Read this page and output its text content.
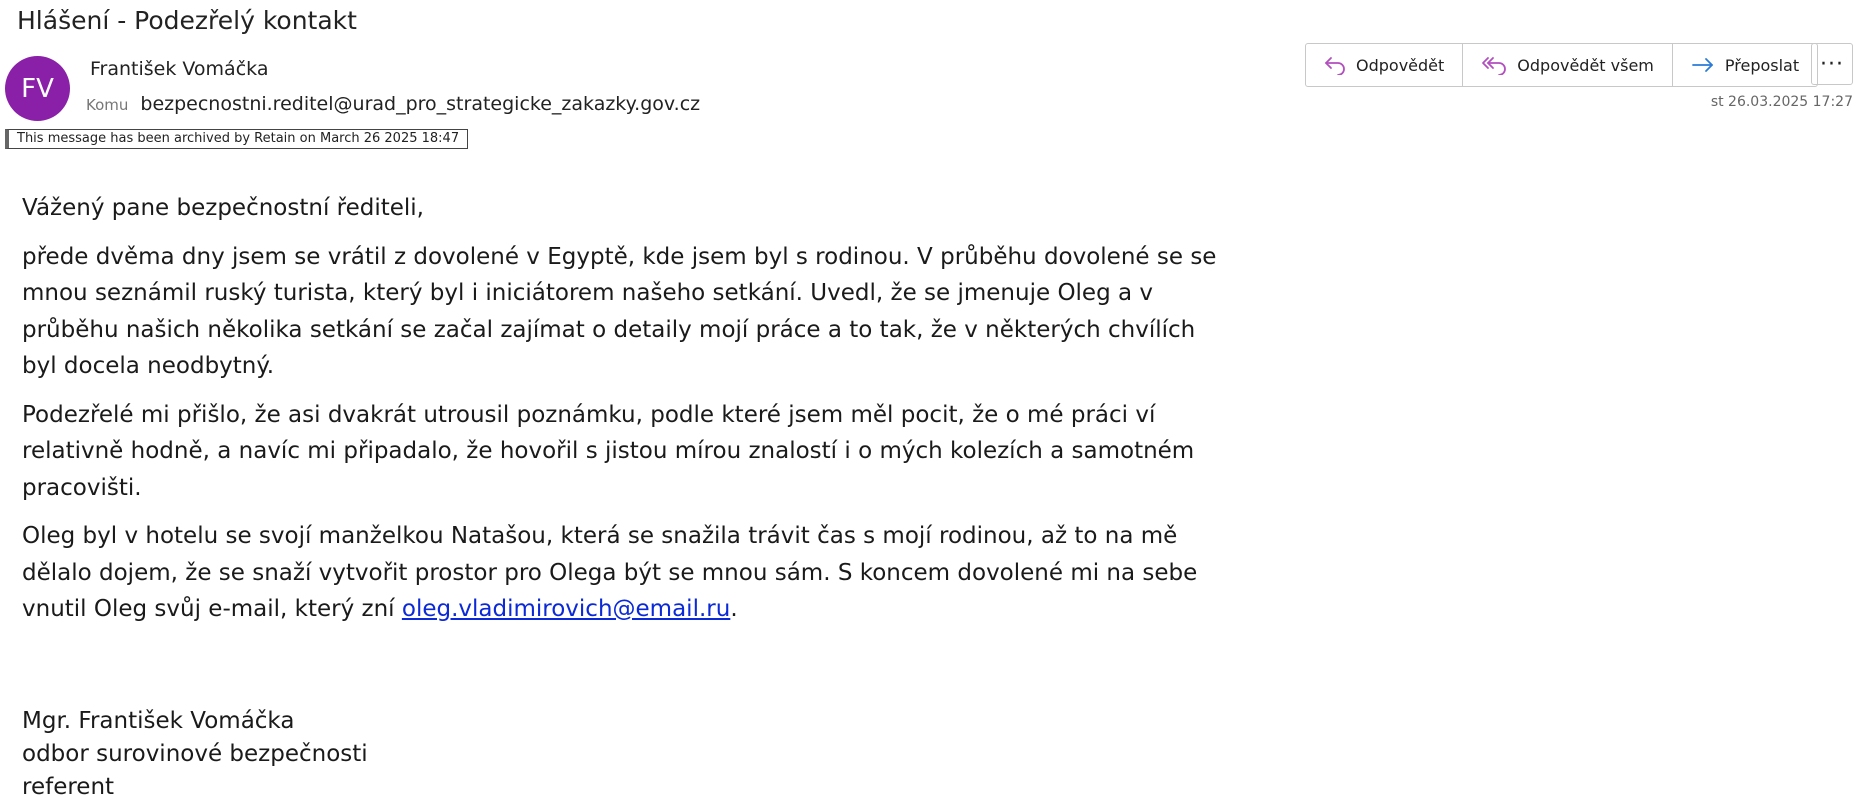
Hlášení - Podezřelý kontakt
FV
František Vomáčka
Komu bezpecnostni.reditel@urad_pro_strategicke_zakazky.gov.cz
This message has been archived by Retain on March 26 2025 18:47
Odpovědět	Odpovědět všem	Přeposlat ···
st 26.03.2025 17:27

Vážený pane bezpečnostní řediteli,

přede dvěma dny jsem se vrátil z dovolené v Egyptě, kde jsem byl s rodinou. V průběhu dovolené se se mnou seznámil ruský turista, který byl i iniciátorem našeho setkání. Uvedl, že se jmenuje Oleg a v průběhu našich několika setkání se začal zajímat o detaily mojí práce a to tak, že v některých chvílích byl docela neodbytný.

Podezřelé mi přišlo, že asi dvakrát utrousil poznámku, podle které jsem měl pocit, že o mé práci ví relativně hodně, a navíc mi připadalo, že hovořil s jistou mírou znalostí i o mých kolezích a samotném pracovišti.

Oleg byl v hotelu se svojí manželkou Natašou, která se snažila trávit čas s mojí rodinou, až to na mě dělalo dojem, že se snaží vytvořit prostor pro Olega být se mnou sám. S koncem dovolené mi na sebe vnutil Oleg svůj e-mail, který zní oleg.vladimirovich@email.ru.

Mgr. František Vomáčka
odbor surovinové bezpečnosti
referent
